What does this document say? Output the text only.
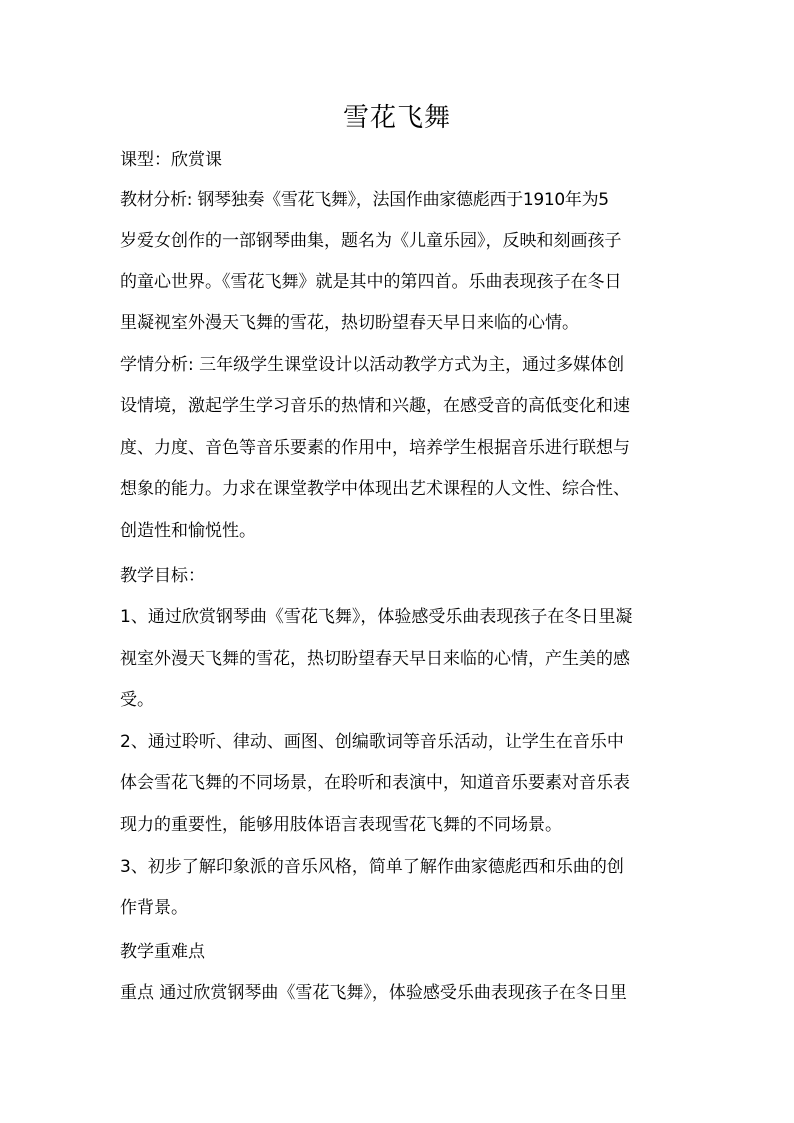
雪花飞舞
课型：欣赏课
教材分析: 钢琴独奏《雪花飞舞》，法国作曲家德彪西于1910年为5
岁爱女创作的一部钢琴曲集，题名为《儿童乐园》，反映和刻画孩子
的童心世界。《雪花飞舞》就是其中的第四首。乐曲表现孩子在冬日
里凝视室外漫天飞舞的雪花，热切盼望春天早日来临的心情。
学情分析: 三年级学生课堂设计以活动教学方式为主，通过多媒体创
设情境，激起学生学习音乐的热情和兴趣，在感受音的高低变化和速
度、力度、音色等音乐要素的作用中，培养学生根据音乐进行联想与
想象的能力。力求在课堂教学中体现出艺术课程的人文性、综合性、
创造性和愉悦性。
教学目标：
1、通过欣赏钢琴曲《雪花飞舞》，体验感受乐曲表现孩子在冬日里凝
视室外漫天飞舞的雪花，热切盼望春天早日来临的心情，产生美的感
受。
2、通过聆听、律动、画图、创编歌词等音乐活动，让学生在音乐中
体会雪花飞舞的不同场景，在聆听和表演中，知道音乐要素对音乐表
现力的重要性，能够用肢体语言表现雪花飞舞的不同场景。
3、初步了解印象派的音乐风格，简单了解作曲家德彪西和乐曲的创
作背景。
教学重难点
重点 通过欣赏钢琴曲《雪花飞舞》，体验感受乐曲表现孩子在冬日里
